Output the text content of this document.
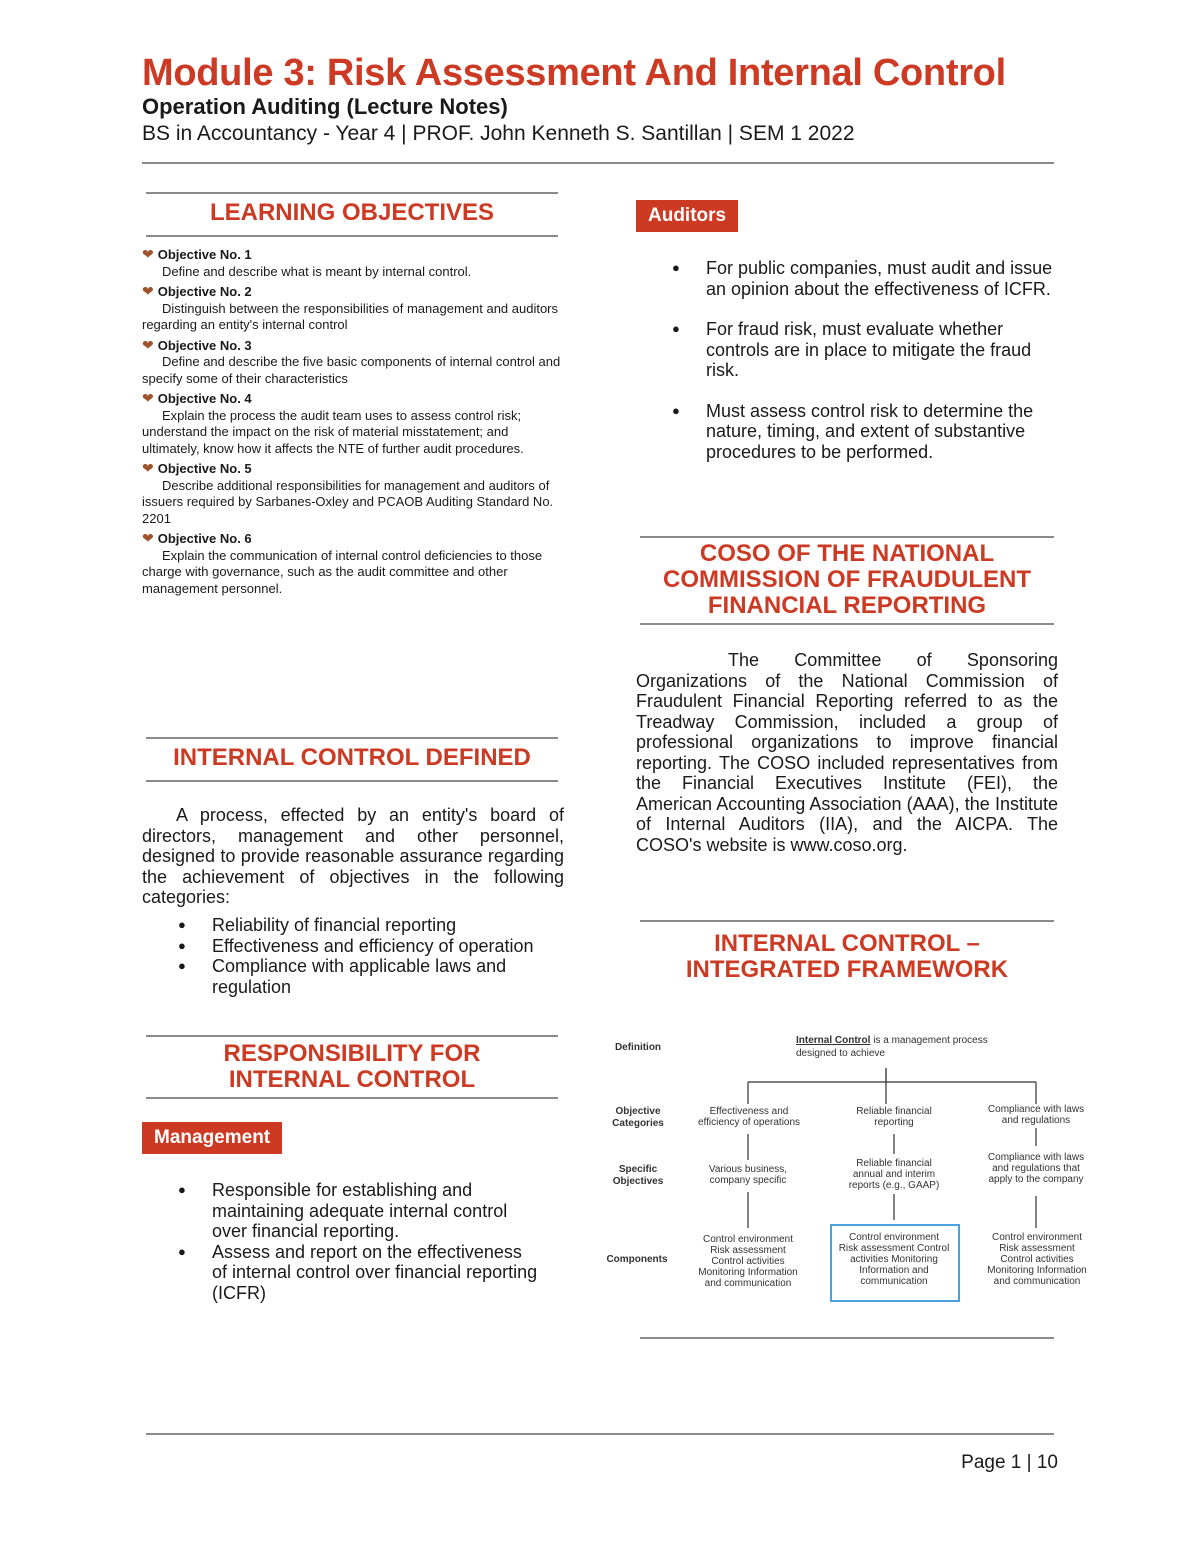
Module 3: Risk Assessment And Internal Control
Operation Auditing (Lecture Notes)
BS in Accountancy - Year 4 | PROF. John Kenneth S. Santillan | SEM 1 2022
LEARNING OBJECTIVES
❤ Objective No. 1
Define and describe what is meant by internal control.
❤ Objective No. 2
Distinguish between the responsibilities of management and auditors regarding an entity's internal control
❤ Objective No. 3
Define and describe the five basic components of internal control and specify some of their characteristics
❤ Objective No. 4
Explain the process the audit team uses to assess control risk; understand the impact on the risk of material misstatement; and ultimately, know how it affects the NTE of further audit procedures.
❤ Objective No. 5
Describe additional responsibilities for management and auditors of issuers required by Sarbanes-Oxley and PCAOB Auditing Standard No. 2201
❤ Objective No. 6
Explain the communication of internal control deficiencies to those charge with governance, such as the audit committee and other management personnel.
INTERNAL CONTROL DEFINED
A process, effected by an entity's board of directors, management and other personnel, designed to provide reasonable assurance regarding the achievement of objectives in the following categories:
● Reliability of financial reporting
● Effectiveness and efficiency of operation
● Compliance with applicable laws and regulation
RESPONSIBILITY FOR INTERNAL CONTROL
Management
● Responsible for establishing and maintaining adequate internal control over financial reporting.
● Assess and report on the effectiveness of internal control over financial reporting (ICFR)
Auditors
● For public companies, must audit and issue an opinion about the effectiveness of ICFR.
● For fraud risk, must evaluate whether controls are in place to mitigate the fraud risk.
● Must assess control risk to determine the nature, timing, and extent of substantive procedures to be performed.
COSO OF THE NATIONAL COMMISSION OF FRAUDULENT FINANCIAL REPORTING
The Committee of Sponsoring Organizations of the National Commission of Fraudulent Financial Reporting referred to as the Treadway Commission, included a group of professional organizations to improve financial reporting. The COSO included representatives from the Financial Executives Institute (FEI), the American Accounting Association (AAA), the Institute of Internal Auditors (IIA), and the AICPA. The COSO's website is www.coso.org.
INTERNAL CONTROL – INTEGRATED FRAMEWORK
Definition
Objective Categories
Specific Objectives
Components
Internal Control is a management process designed to achieve
Effectiveness and efficiency of operations
Reliable financial reporting
Compliance with laws and regulations
Various business, company specific
Reliable financial annual and interim reports (e.g., GAAP)
Compliance with laws and regulations that apply to the company
Control environment Risk assessment Control activities Monitoring Information and communication
Control environment Risk assessment Control activities Monitoring Information and communication
Control environment Risk assessment Control activities Monitoring Information and communication
Page 1 | 10
